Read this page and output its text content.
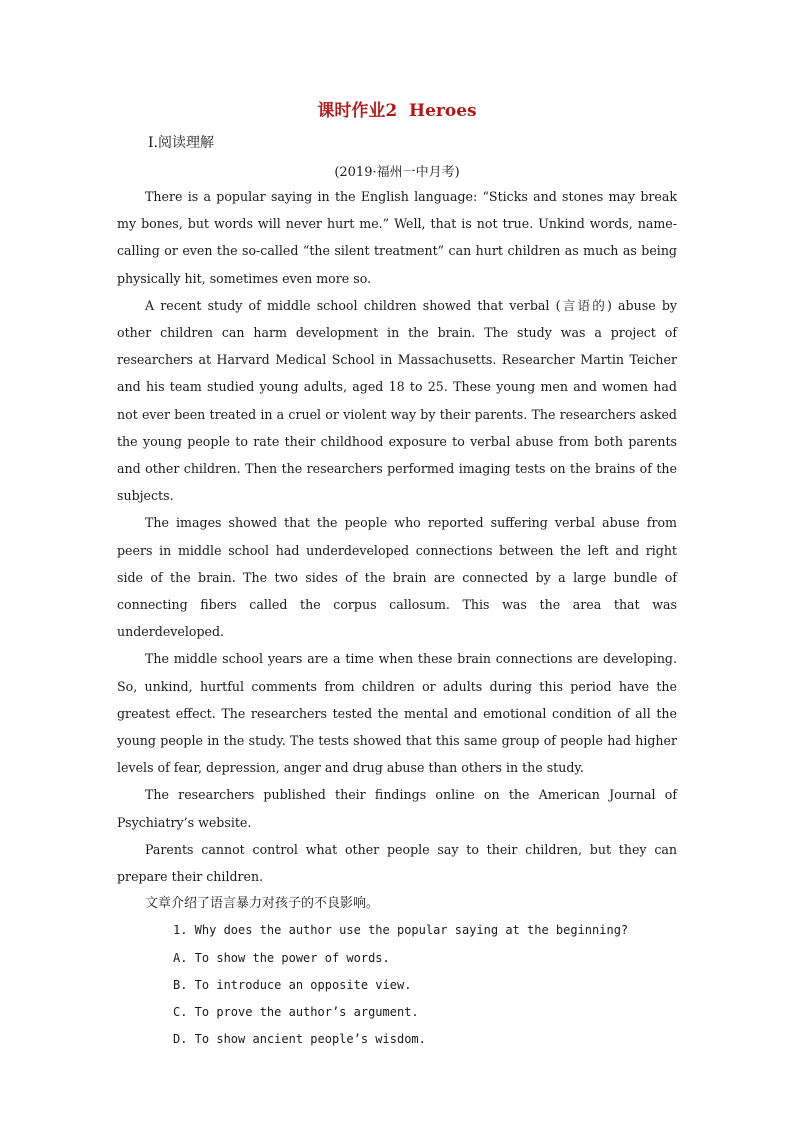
课时作业2  Heroes
Ⅰ.阅读理解
(2019·福州一中月考)

There is a popular saying in the English language: “Sticks and stones may break my bones, but words will never hurt me.” Well, that is not true. Unkind words, name-calling or even the so-called “the silent treatment” can hurt children as much as being physically hit, sometimes even more so.

A recent study of middle school children showed that verbal (言语的) abuse by other children can harm development in the brain. The study was a project of researchers at Harvard Medical School in Massachusetts. Researcher Martin Teicher and his team studied young adults, aged 18 to 25. These young men and women had not ever been treated in a cruel or violent way by their parents. The researchers asked the young people to rate their childhood exposure to verbal abuse from both parents and other children. Then the researchers performed imaging tests on the brains of the subjects.

The images showed that the people who reported suffering verbal abuse from peers in middle school had underdeveloped connections between the left and right side of the brain. The two sides of the brain are connected by a large bundle of connecting fibers called the corpus callosum. This was the area that was underdeveloped.

The middle school years are a time when these brain connections are developing. So, unkind, hurtful comments from children or adults during this period have the greatest effect. The researchers tested the mental and emotional condition of all the young people in the study. The tests showed that this same group of people had higher levels of fear, depression, anger and drug abuse than others in the study.

The researchers published their findings online on the American Journal of Psychiatry’s website.

Parents cannot control what other people say to their children, but they can prepare their children.

文章介绍了语言暴力对孩子的不良影响。

1. Why does the author use the popular saying at the beginning?

A. To show the power of words.

B. To introduce an opposite view.

C. To prove the author’s argument.

D. To show ancient people’s wisdom.
